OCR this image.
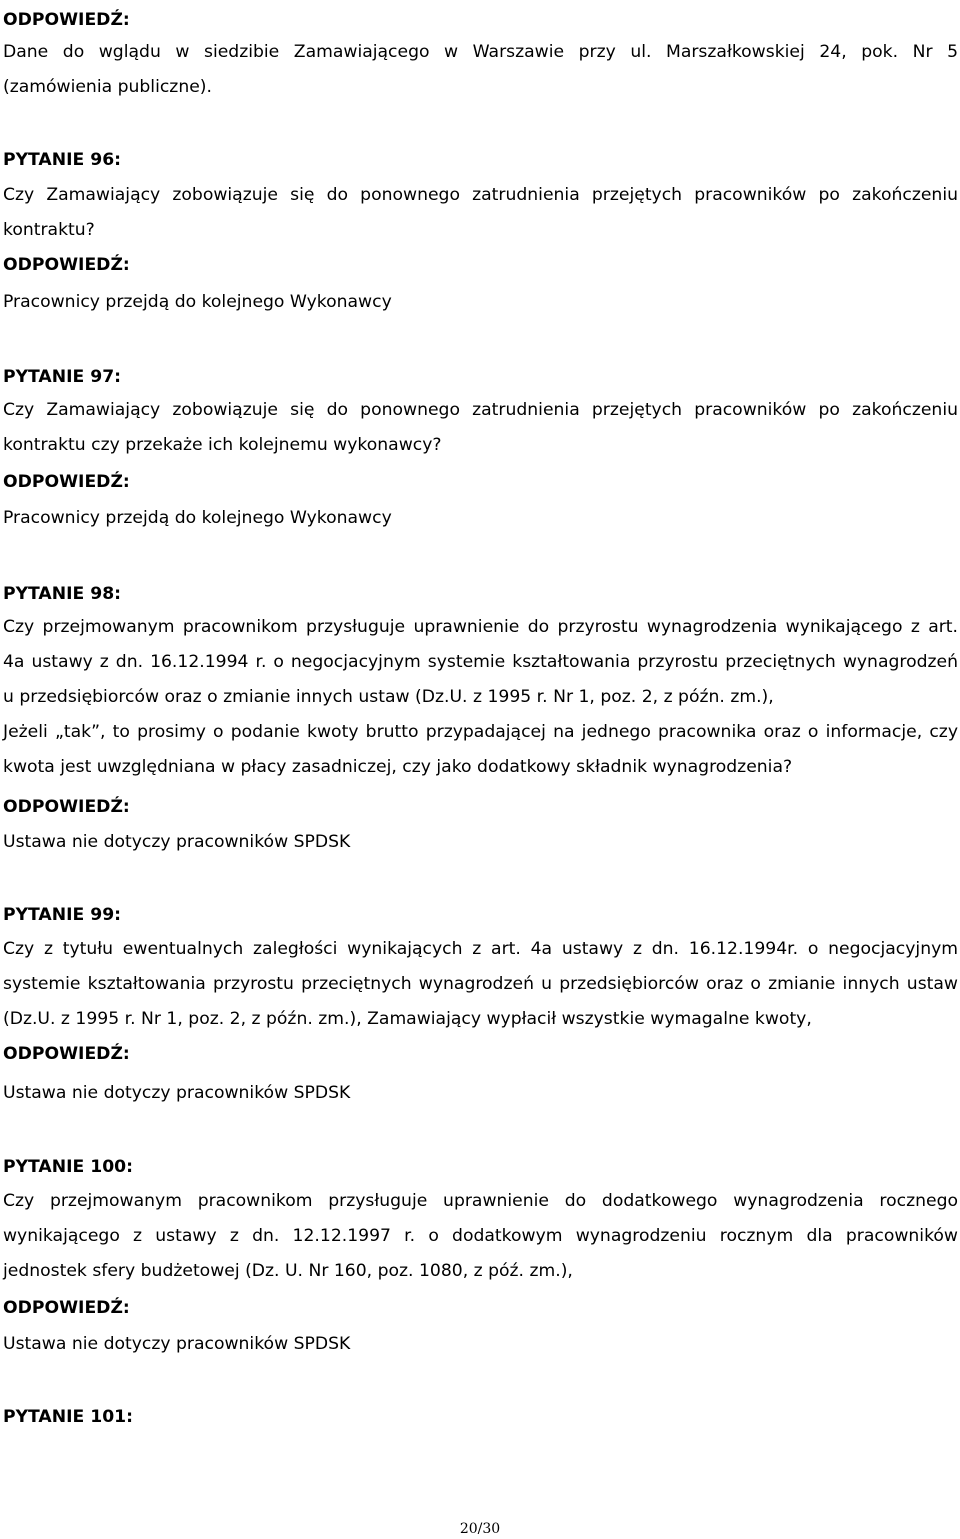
ODPOWIEDŹ:
Dane do wglądu w siedzibie Zamawiającego w Warszawie przy ul. Marszałkowskiej 24, pok. Nr 5
(zamówienia publiczne).
PYTANIE 96:
Czy Zamawiający zobowiązuje się do ponownego zatrudnienia przejętych pracowników po zakończeniu
kontraktu?
ODPOWIEDŹ:
Pracownicy przejdą do kolejnego Wykonawcy
PYTANIE 97:
Czy Zamawiający zobowiązuje się do ponownego zatrudnienia przejętych pracowników po zakończeniu
kontraktu czy przekaże ich kolejnemu wykonawcy?
ODPOWIEDŹ:
Pracownicy przejdą do kolejnego Wykonawcy
PYTANIE 98:
Czy przejmowanym pracownikom przysługuje uprawnienie do przyrostu wynagrodzenia wynikającego z art.
4a ustawy z dn. 16.12.1994 r. o negocjacyjnym systemie kształtowania przyrostu przeciętnych wynagrodzeń
u przedsiębiorców oraz o zmianie innych ustaw (Dz.U. z 1995 r. Nr 1, poz. 2, z późn. zm.),
Jeżeli „tak”, to prosimy o podanie kwoty brutto przypadającej na jednego pracownika oraz o informacje, czy
kwota jest uwzględniana w płacy zasadniczej, czy jako dodatkowy składnik wynagrodzenia?
ODPOWIEDŹ:
Ustawa nie dotyczy pracowników SPDSK
PYTANIE 99:
Czy z tytułu ewentualnych zaległości wynikających z art. 4a ustawy z dn. 16.12.1994r. o negocjacyjnym
systemie kształtowania przyrostu przeciętnych wynagrodzeń u przedsiębiorców oraz o zmianie innych ustaw
(Dz.U. z 1995 r. Nr 1, poz. 2, z późn. zm.), Zamawiający wypłacił wszystkie wymagalne kwoty,
ODPOWIEDŹ:
Ustawa nie dotyczy pracowników SPDSK
PYTANIE 100:
Czy przejmowanym pracownikom przysługuje uprawnienie do dodatkowego wynagrodzenia rocznego
wynikającego z ustawy z dn. 12.12.1997 r. o dodatkowym wynagrodzeniu rocznym dla pracowników
jednostek sfery budżetowej (Dz. U. Nr 160, poz. 1080, z póź. zm.),
ODPOWIEDŹ:
Ustawa nie dotyczy pracowników SPDSK
PYTANIE 101:
20/30
